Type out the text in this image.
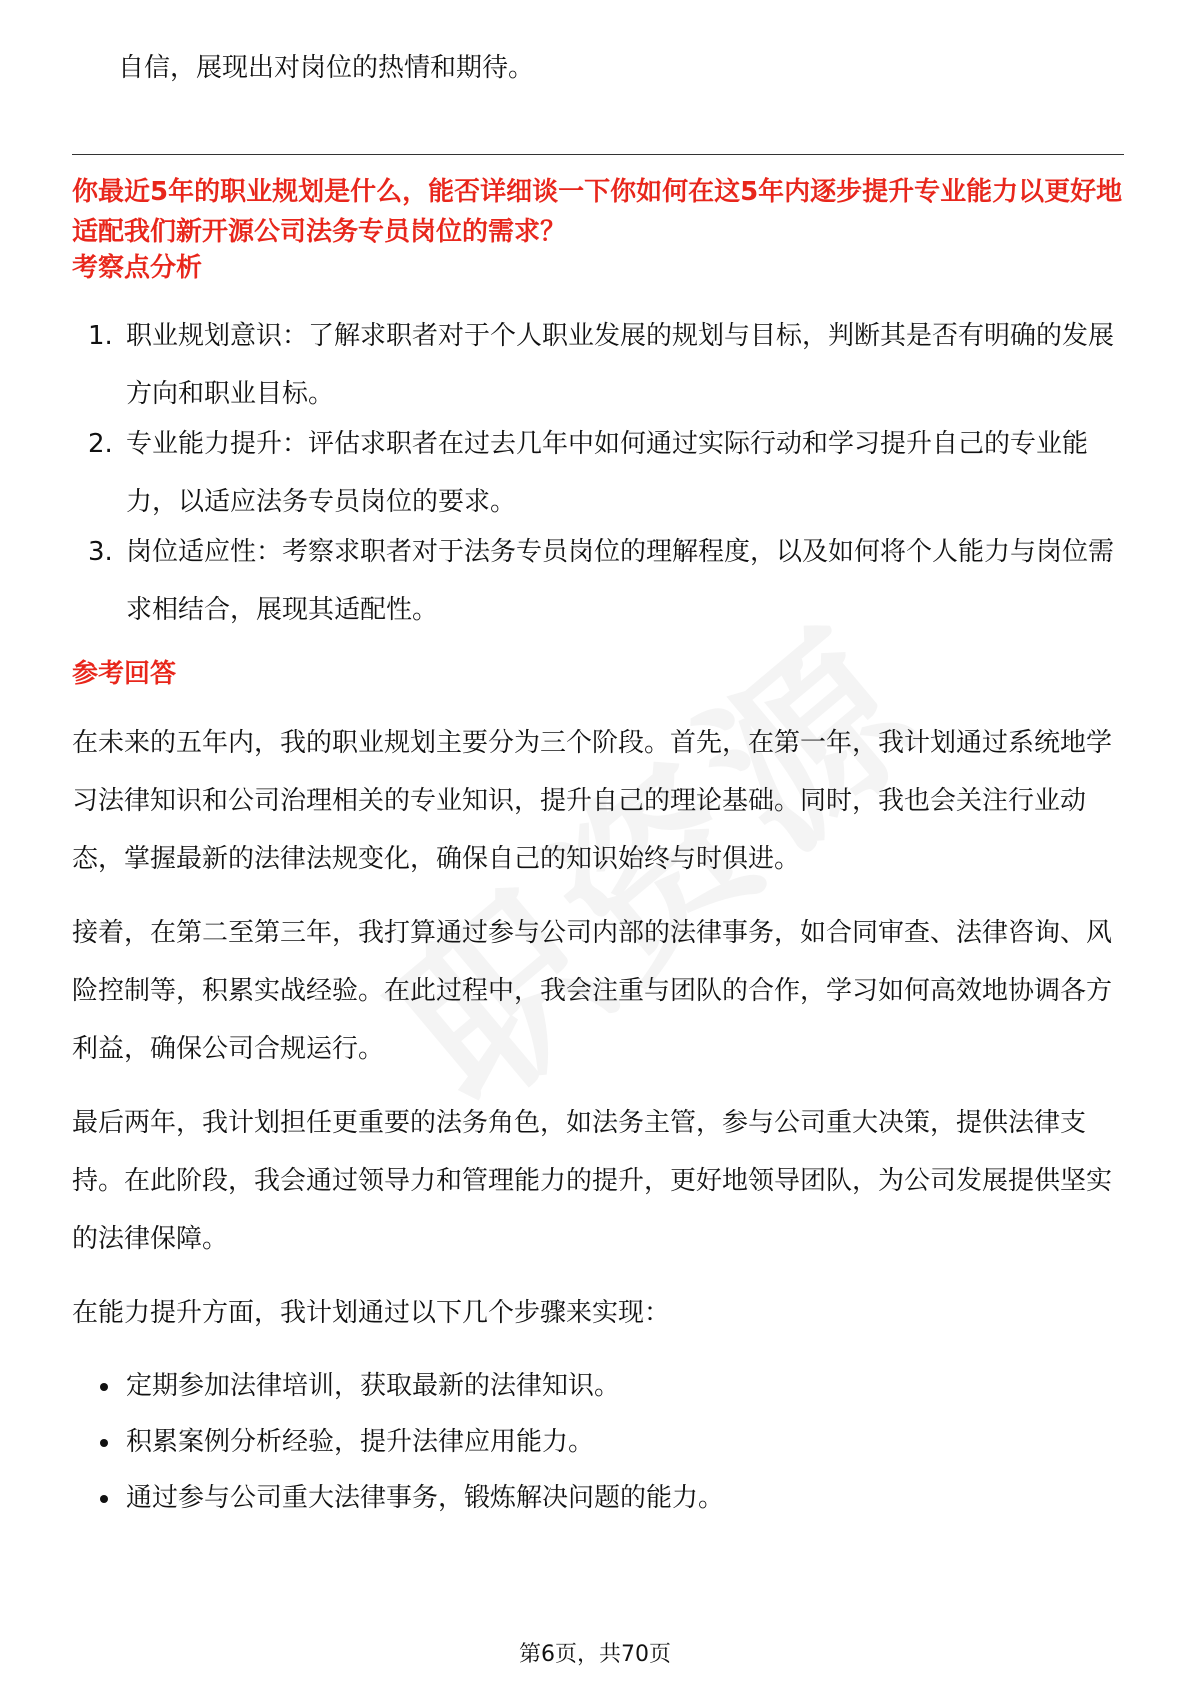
自信，展现出对岗位的热情和期待。
你最近5年的职业规划是什么，能否详细谈一下你如何在这5年内逐步提升专业能力以更好地适配我们新开源公司法务专员岗位的需求？
考察点分析
1. 职业规划意识：了解求职者对于个人职业发展的规划与目标，判断其是否有明确的发展方向和职业目标。
2. 专业能力提升：评估求职者在过去几年中如何通过实际行动和学习提升自己的专业能力，以适应法务专员岗位的要求。
3. 岗位适应性：考察求职者对于法务专员岗位的理解程度，以及如何将个人能力与岗位需求相结合，展现其适配性。
参考回答
在未来的五年内，我的职业规划主要分为三个阶段。首先，在第一年，我计划通过系统地学习法律知识和公司治理相关的专业知识，提升自己的理论基础。同时，我也会关注行业动态，掌握最新的法律法规变化，确保自己的知识始终与时俱进。
接着，在第二至第三年，我打算通过参与公司内部的法律事务，如合同审查、法律咨询、风险控制等，积累实战经验。在此过程中，我会注重与团队的合作，学习如何高效地协调各方利益，确保公司合规运行。
最后两年，我计划担任更重要的法务角色，如法务主管，参与公司重大决策，提供法律支持。在此阶段，我会通过领导力和管理能力的提升，更好地领导团队，为公司发展提供坚实的法律保障。
在能力提升方面，我计划通过以下几个步骤来实现：
定期参加法律培训，获取最新的法律知识。
积累案例分析经验，提升法律应用能力。
通过参与公司重大法律事务，锻炼解决问题的能力。
第6页，共70页
